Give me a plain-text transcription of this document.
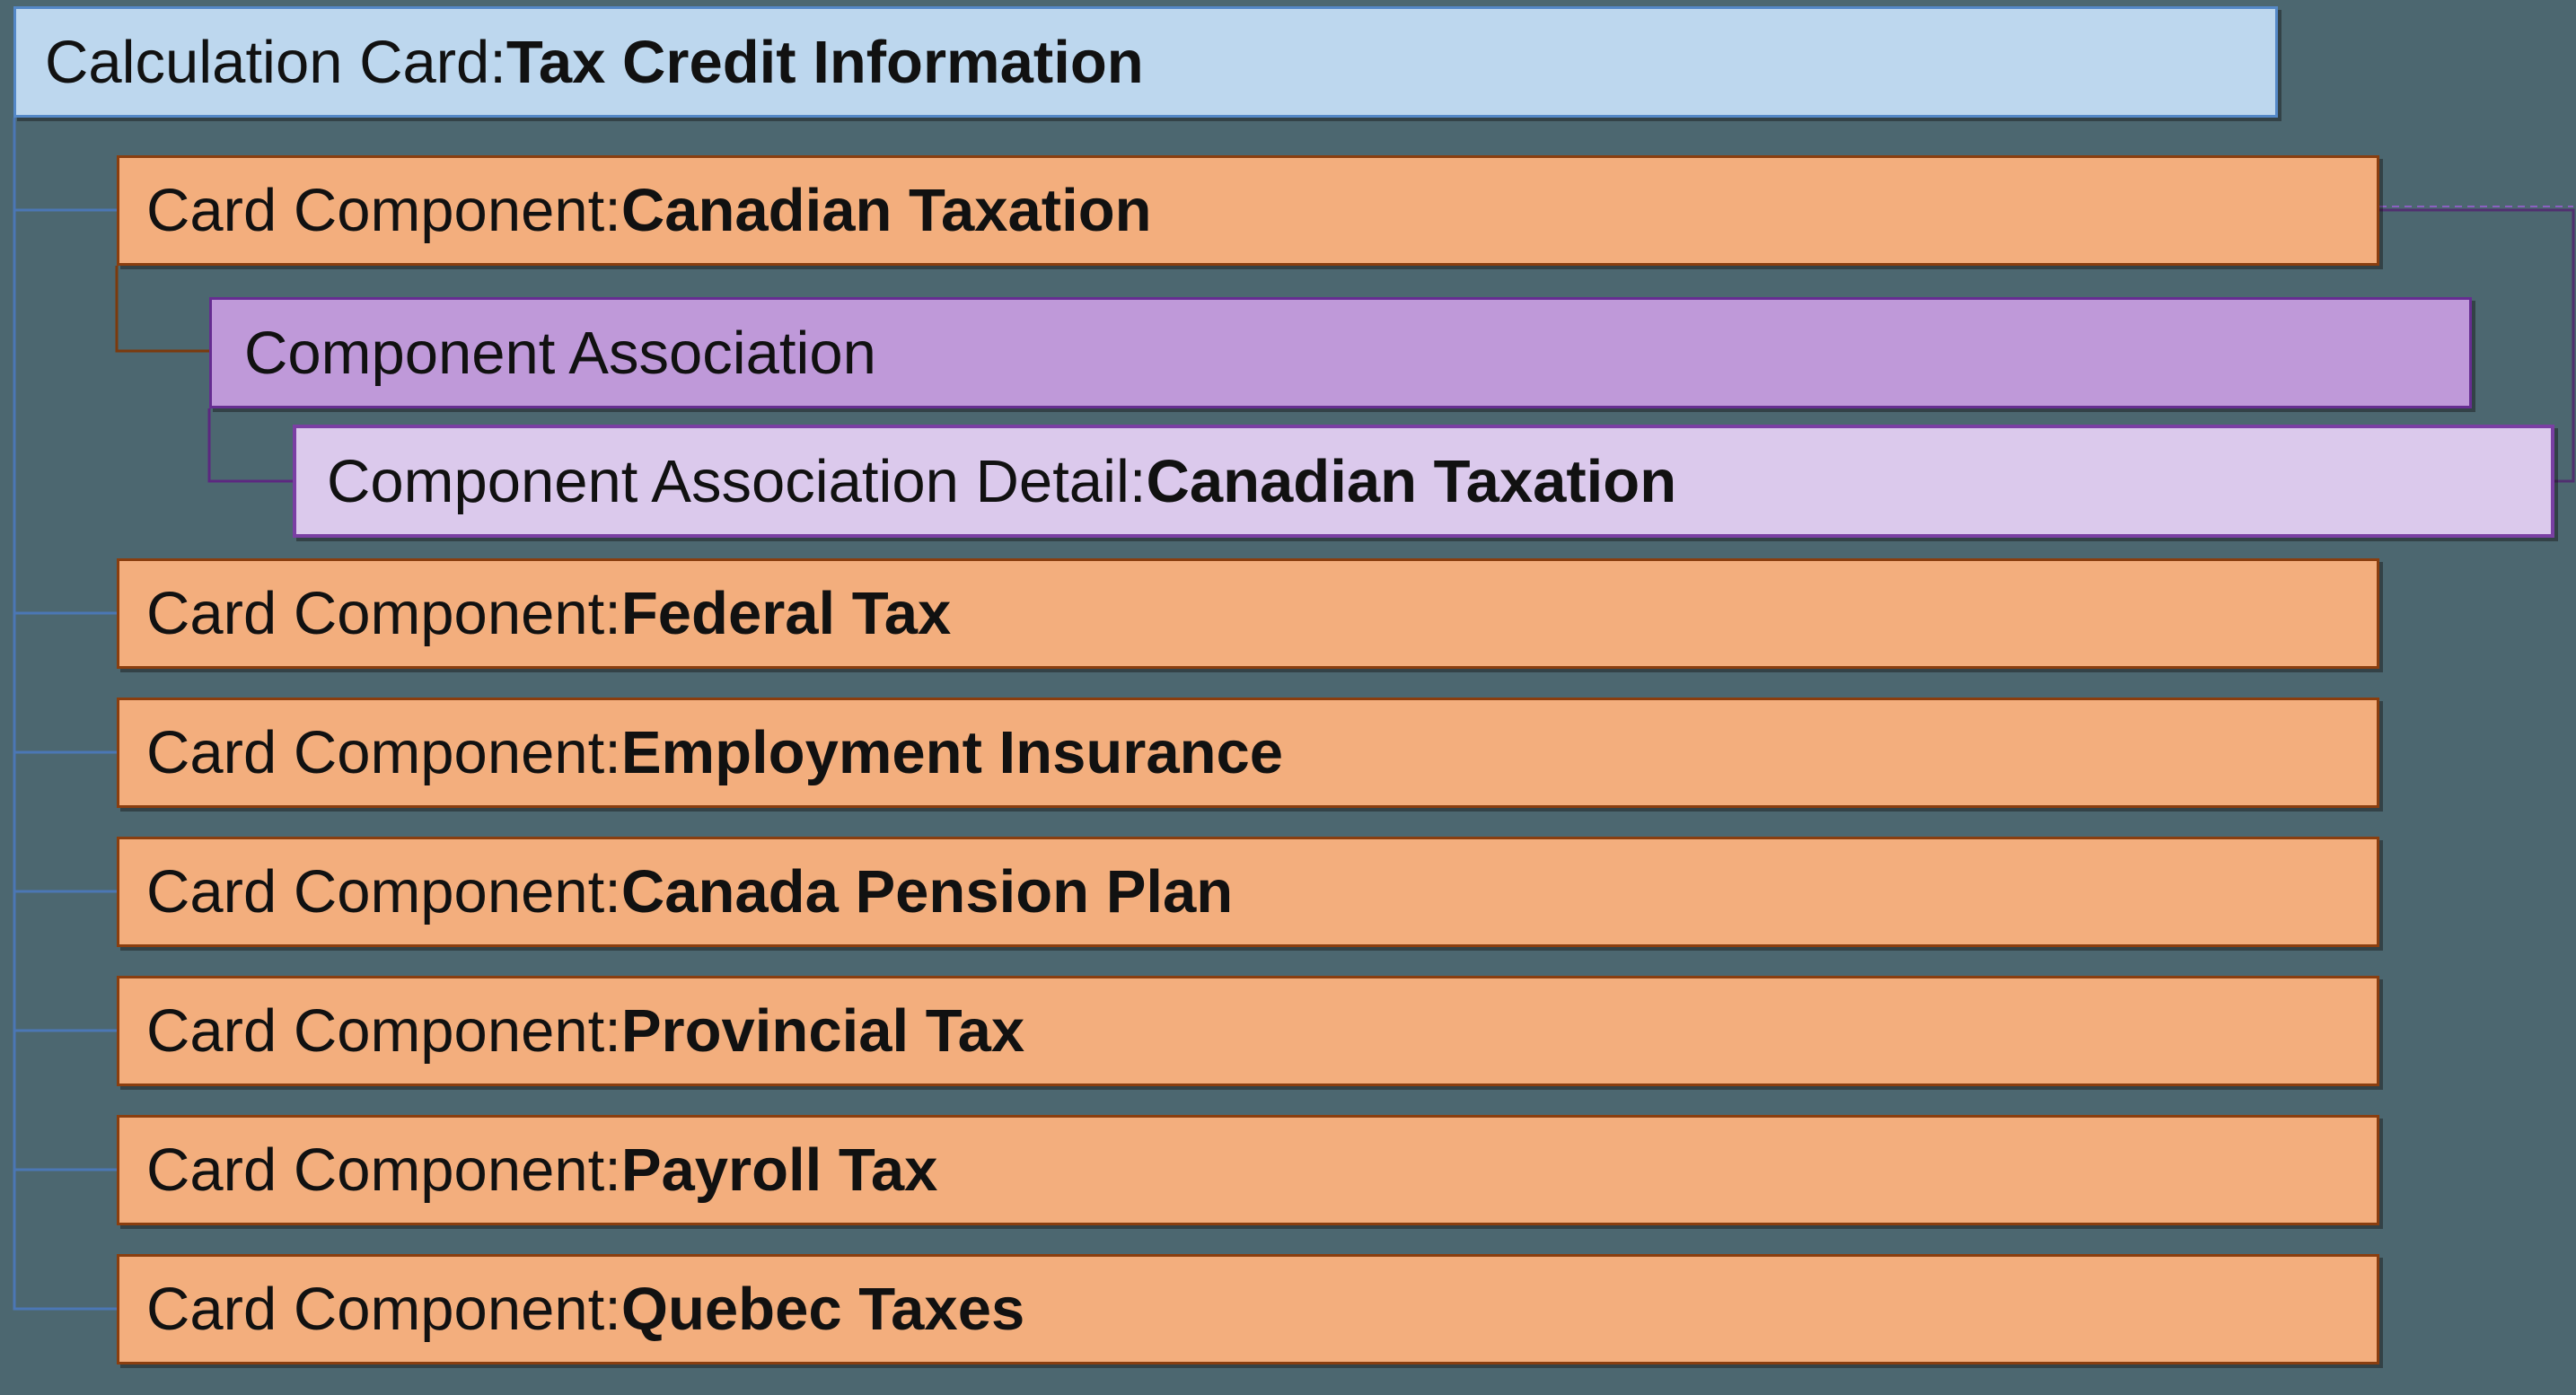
Calculation Card: Tax Credit Information
Card Component: Canadian Taxation
Component Association
Component Association Detail: Canadian Taxation
Card Component: Federal Tax
Card Component: Employment Insurance
Card Component: Canada Pension Plan
Card Component: Provincial Tax
Card Component: Payroll Tax
Card Component: Quebec Taxes
